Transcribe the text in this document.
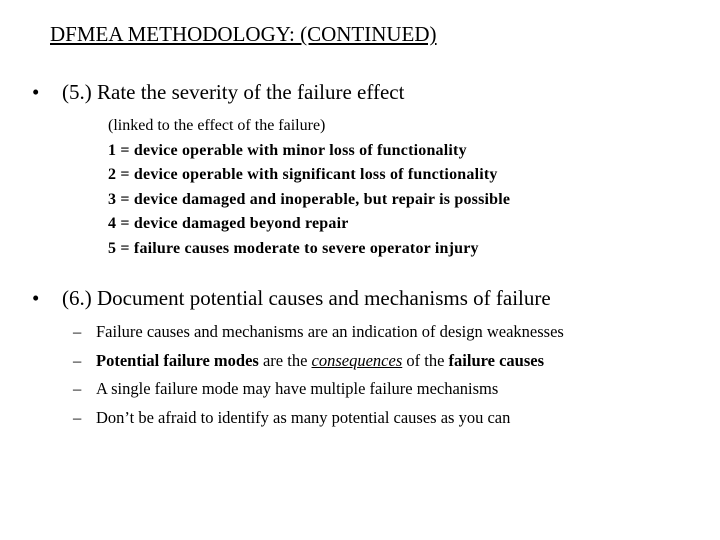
DFMEA METHODOLOGY: (CONTINUED)
• (5.) Rate the severity of the failure effect
(linked to the effect of the failure)
1 = device operable with minor loss of functionality
2 = device operable with significant loss of functionality
3 = device damaged and inoperable, but repair is possible
4 = device damaged beyond repair
5 = failure causes moderate to severe operator injury
• (6.) Document potential causes and mechanisms of failure
– Failure causes and mechanisms are an indication of design weaknesses
– Potential failure modes are the consequences of the failure causes
– A single failure mode may have multiple failure mechanisms
– Don’t be afraid to identify as many potential causes as you can
